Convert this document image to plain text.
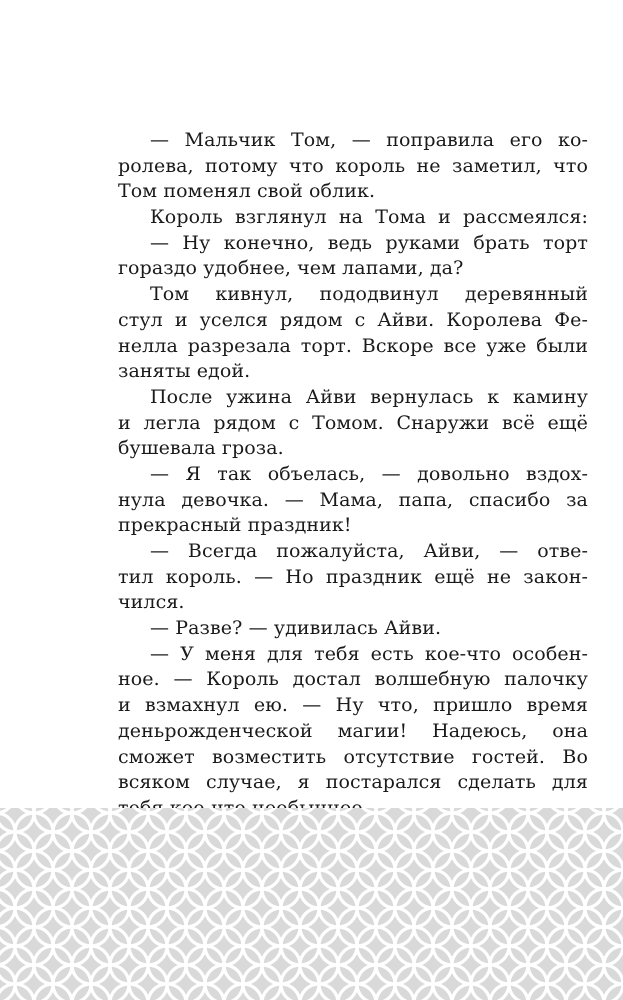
— Мальчик Том, — поправила его ко-
ролева, потому что король не заметил, что
Том поменял свой облик.
Король взглянул на Тома и рассмеялся:
— Ну конечно, ведь руками брать торт
гораздо удобнее, чем лапами, да?
Том кивнул, пододвинул деревянный
стул и уселся рядом с Айви. Королева Фе-
нелла разрезала торт. Вскоре все уже были
заняты едой.
После ужина Айви вернулась к камину
и легла рядом с Томом. Снаружи всё ещё
бушевала гроза.
— Я так объелась, — довольно вздох-
нула девочка. — Мама, папа, спасибо за
прекрасный праздник!
— Всегда пожалуйста, Айви, — отве-
тил король. — Но праздник ещё не закон-
чился.
— Разве? — удивилась Айви.
— У меня для тебя есть кое-что особен-
ное. — Король достал волшебную палочку
и взмахнул ею. — Ну что, пришло время
деньрожденческой магии! Надеюсь, она
сможет возместить отсутствие гостей. Во
всяком случае, я постарался сделать для
